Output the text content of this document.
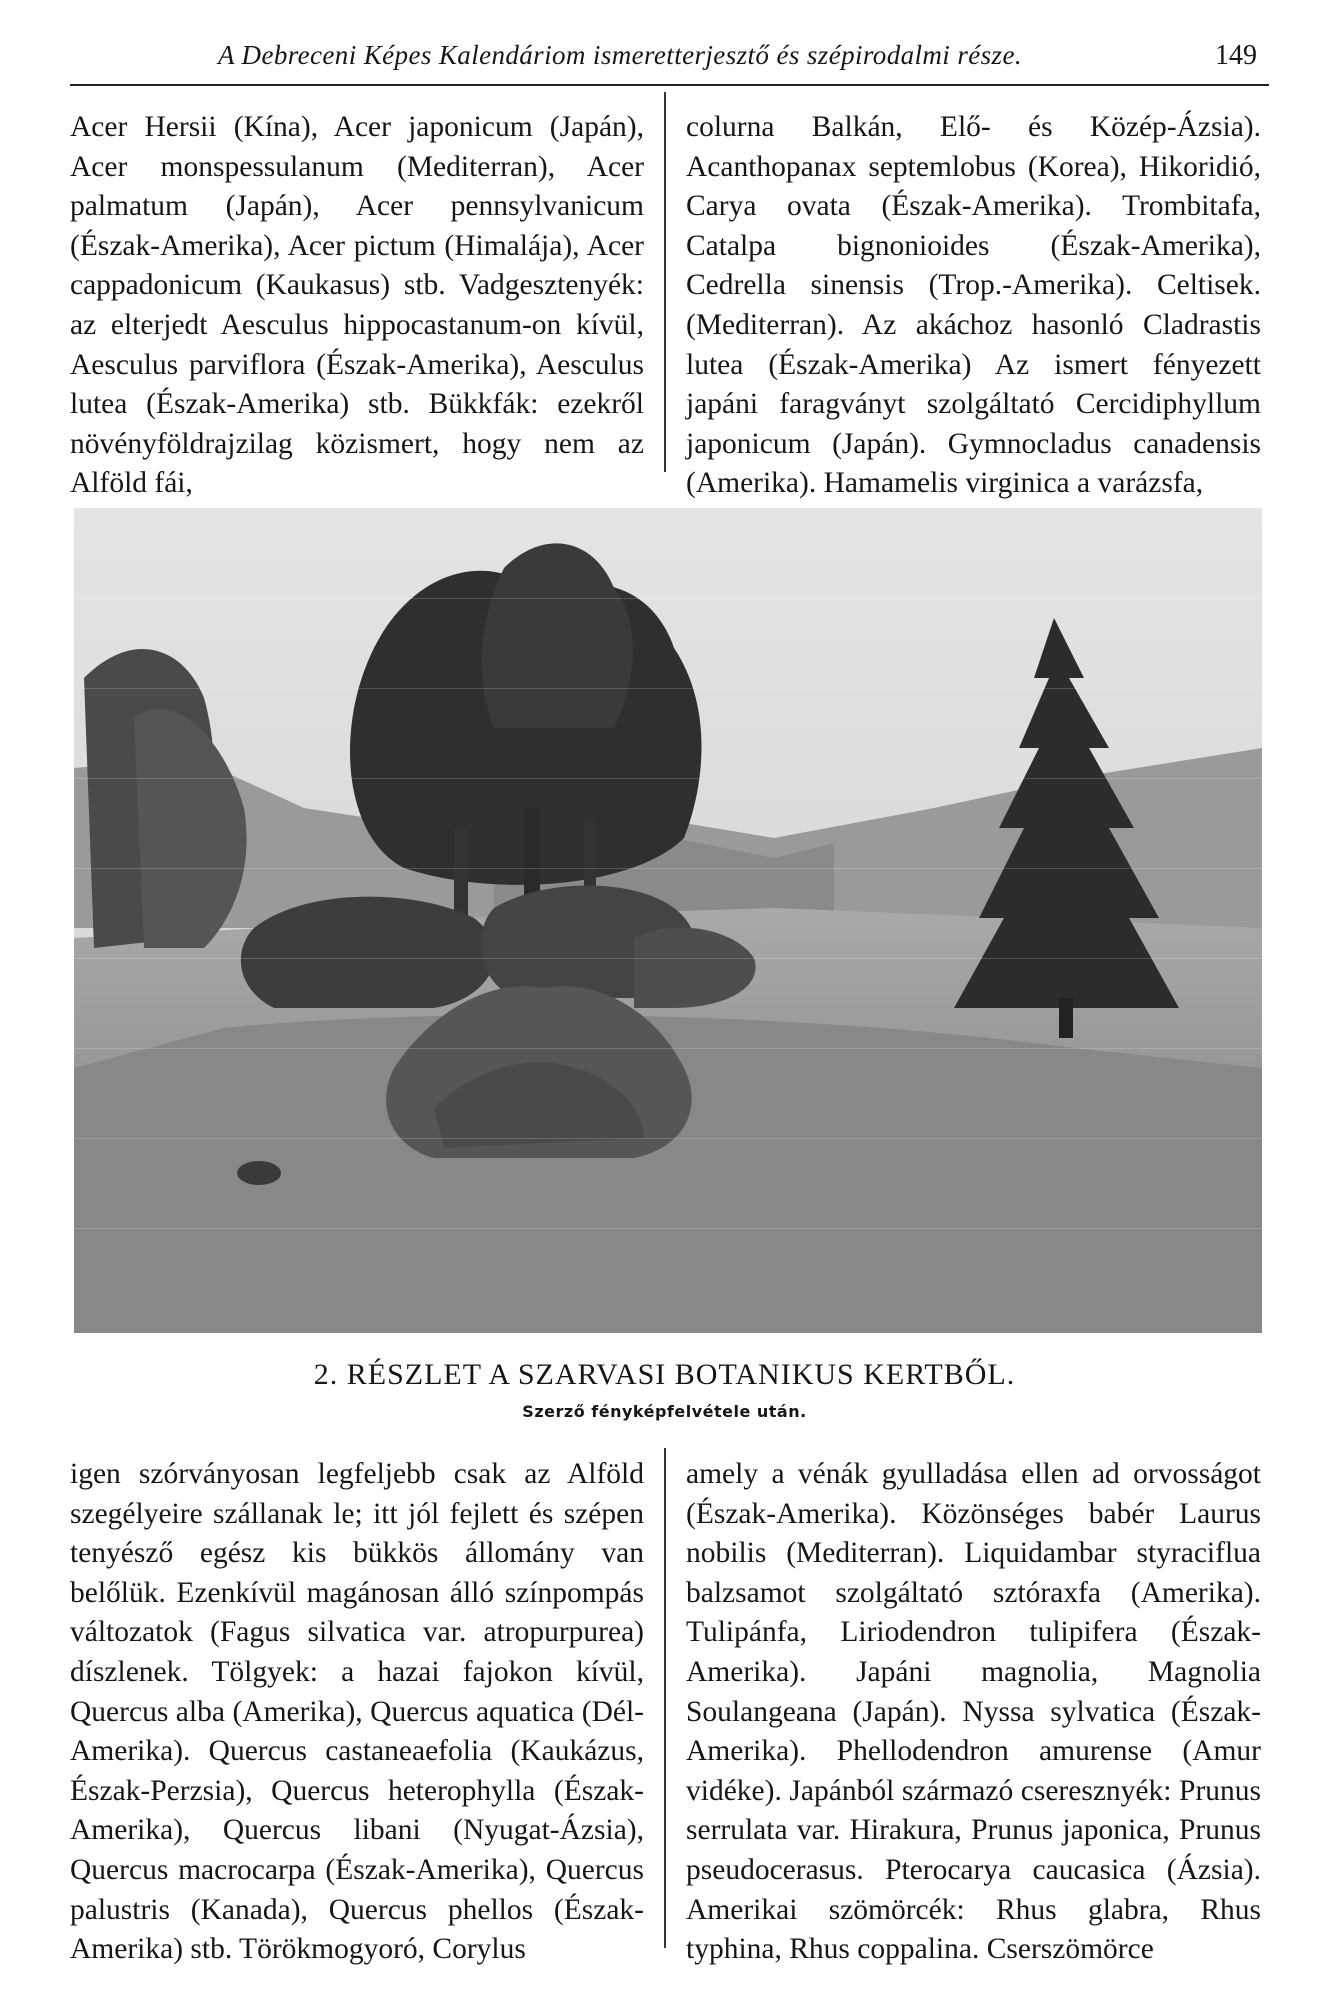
A Debreceni Képes Kalendáriom ismeretterjesztő és szépirodalmi része.	149

Acer Hersii (Kína), Acer japonicum (Japán), Acer monspessulanum (Mediterran), Acer palmatum (Japán), Acer pennsylvanicum (Észak-Amerika), Acer pictum (Himalája), Acer cappadonicum (Kaukasus) stb. Vadgesztenyék: az elterjedt Aesculus hippocastanum-on kívül, Aesculus parviflora (Észak-Amerika), Aesculus lutea (Észak-Amerika) stb. Bükkfák: ezekről növényföldrajzilag közismert, hogy nem az Alföld fái,

colurna Balkán, Elő- és Közép-Ázsia). Acanthopanax septemlobus (Korea), Hikoridió, Carya ovata (Észak-Amerika). Trombitafa, Catalpa bignonioides (Észak-Amerika), Cedrella sinensis (Trop.-Amerika). Celtisek. (Mediterran). Az akáchoz hasonló Cladrastis lutea (Észak-Amerika) Az ismert fényezett japáni faragványt szolgáltató Cercidiphyllum japonicum (Japán). Gymnocladus canadensis (Amerika). Hamamelis virginica a varázsfa,

2. RÉSZLET A SZARVASI BOTANIKUS KERTBŐL.
Szerző fényképfelvétele után.

igen szórványosan legfeljebb csak az Alföld szegélyeire szállanak le; itt jól fejlett és szépen tenyésző egész kis bükkös állomány van belőlük. Ezenkívül magánosan álló színpompás változatok (Fagus silvatica var. atropurpurea) díszlenek. Tölgyek: a hazai fajokon kívül, Quercus alba (Amerika), Quercus aquatica (Dél-Amerika). Quercus castaneaefolia (Kaukázus, Észak-Perzsia), Quercus heterophylla (Észak-Amerika), Quercus libani (Nyugat-Ázsia), Quercus macrocarpa (Észak-Amerika), Quercus palustris (Kanada), Quercus phellos (Észak-Amerika) stb. Törökmogyoró, Corylus

amely a vénák gyulladása ellen ad orvosságot (Észak-Amerika). Közönséges babér Laurus nobilis (Mediterran). Liquidambar styraciflua balzsamot szolgáltató sztóraxfa (Amerika). Tulipánfa, Liriodendron tulipifera (Észak-Amerika). Japáni magnolia, Magnolia Soulangeana (Japán). Nyssa sylvatica (Észak-Amerika). Phellodendron amurense (Amur vidéke). Japánból származó cseresznyék: Prunus serrulata var. Hirakura, Prunus japonica, Prunus pseudocerasus. Pterocarya caucasica (Ázsia). Amerikai szömörcék: Rhus glabra, Rhus typhina, Rhus coppalina. Cserszömörce
